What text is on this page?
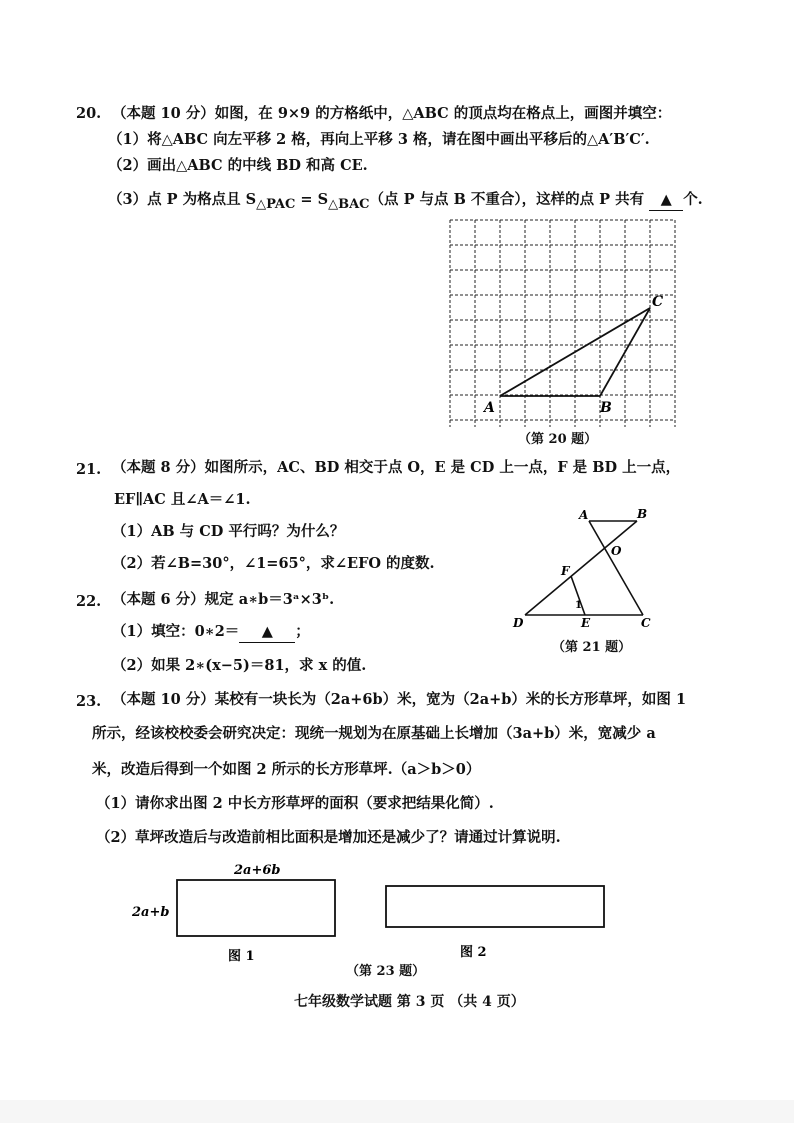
20. （本题 10 分）如图，在 9×9 的方格纸中，△ABC 的顶点均在格点上，画图并填空：
（1）将△ABC 向左平移 2 格，再向上平移 3 格，请在图中画出平移后的△A′B′C′.
（2）画出△ABC 的中线 BD 和高 CE.
（3）点 P 为格点且 $S_{\triangle PAC} = S_{\triangle BAC}$（点 P 与点 B 不重合），这样的点 P 共有 ▲ 个.
A	B
C
（第 20 题）
21. （本题 8 分）如图所示，AC、BD 相交于点 O，E 是 CD 上一点，F 是 BD 上一点，
EF∥AC 且∠A＝∠1.
（1）AB 与 CD 平行吗？为什么？
（2）若∠B=30°，∠1=65°，求∠EFO 的度数.
A	B
O
F
1
D	E	C
（第 21 题）
22. （本题 6 分）规定 a∗b＝3ᵃ×3ᵇ.
（1）填空：0∗2＝ ▲ ；
（2）如果 2∗(x−5)＝81，求 x 的值.
23. （本题 10 分）某校有一块长为（2a+6b）米，宽为（2a+b）米的长方形草坪，如图 1
所示，经该校校委会研究决定：现统一规划为在原基础上长增加（3a+b）米，宽减少 a
米，改造后得到一个如图 2 所示的长方形草坪.（a＞b＞0）
（1）请你求出图 2 中长方形草坪的面积（要求把结果化简）.
（2）草坪改造后与改造前相比面积是增加还是减少了？请通过计算说明.
2a+6b
2a+b
图 1	图 2
（第 23 题）
七年级数学试题 第 3 页 （共 4 页）
